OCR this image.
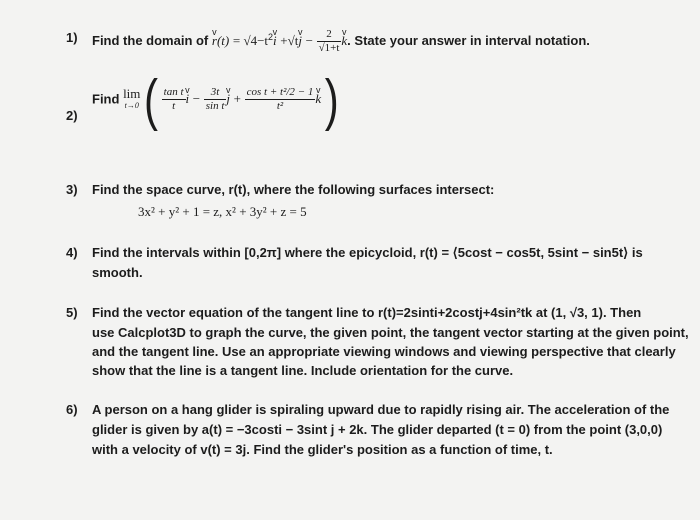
1) Find the domain of v $r(t) = √4-t^2v$ i +√tv $j - \frac{2}{√1+t}$ v k. State your answer in interval notation.
2)
Find lim
t→0 ( $\frac{\text{tan t}}{t}$ v $i - \frac{3t}{\text{sin t}}$ v $j + \frac{\text{cos t + t²/2 − 1}}{\text{t²}}$ v k )
3) Find the space curve, r(t), where the following surfaces intersect:
3x² + y² + 1 = z, x² + 3y² + z = 5
4) Find the intervals within [0,2π] where the epicycloid, r(t) = ⟨5cost − cos5t, 5sint − sin5t⟩ is
smooth.
5) Find the vector equation of the tangent line to r(t)=2sinti+2costj+4sin²tk at (1, √3, 1). Then
use Calcplot3D to graph the curve, the given point, the tangent vector starting at the given point,
and the tangent line. Use an appropriate viewing windows and viewing perspective that clearly
show that the line is a tangent line. Include orientation for the curve.
6) A person on a hang glider is spiraling upward due to rapidly rising air. The acceleration of the
glider is given by a(t) = −3costi − 3sint j + 2k. The glider departed (t = 0) from the point (3,0,0)
with a velocity of v(t) = 3j. Find the glider's position as a function of time, t.
